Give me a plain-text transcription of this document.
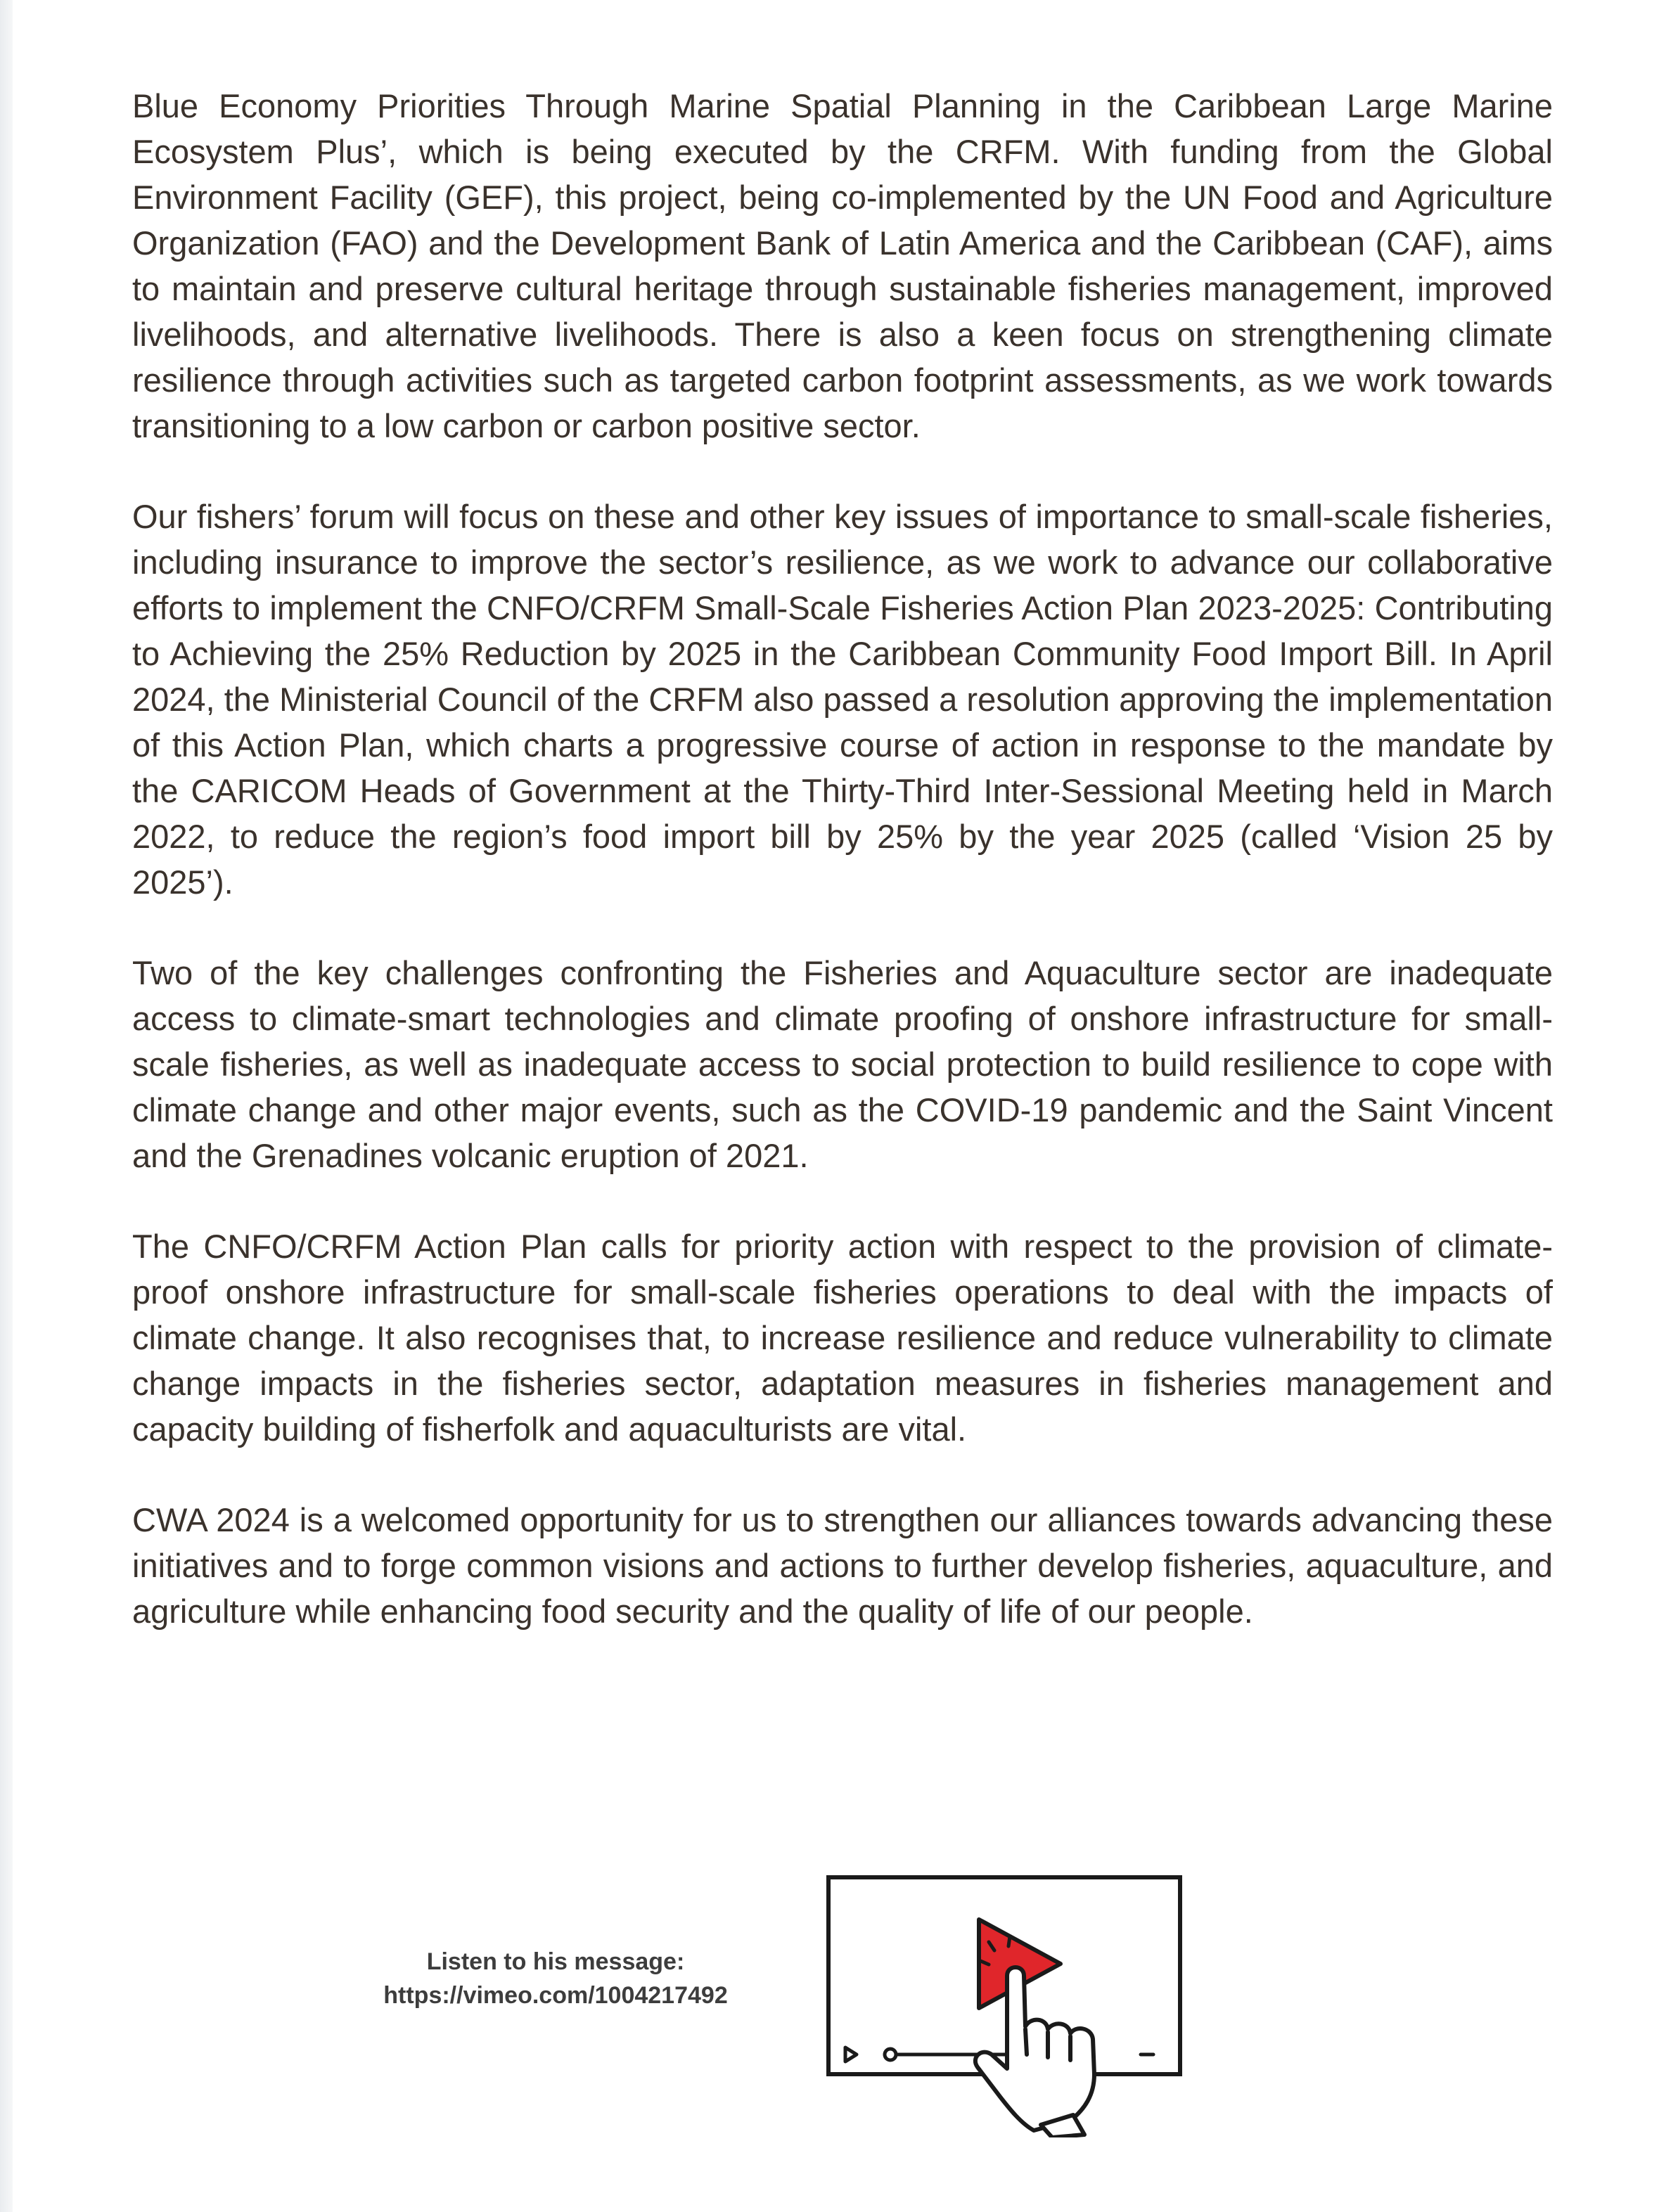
Blue Economy Priorities Through Marine Spatial Planning in the Caribbean Large Marine Ecosystem Plus’, which is being executed by the CRFM. With funding from the Global Environment Facility (GEF), this project, being co-implemented by the UN Food and Agriculture Organization (FAO) and the Development Bank of Latin America and the Caribbean (CAF), aims to maintain and preserve cultural heritage through sustainable fisheries management, improved livelihoods, and alternative livelihoods. There is also a keen focus on strengthening climate resilience through activities such as targeted carbon footprint assessments, as we work towards transitioning to a low carbon or carbon positive sector.

Our fishers’ forum will focus on these and other key issues of importance to small-scale fisheries, including insurance to improve the sector’s resilience, as we work to advance our collaborative efforts to implement the CNFO/CRFM Small-Scale Fisheries Action Plan 2023-2025: Contributing to Achieving the 25% Reduction by 2025 in the Caribbean Community Food Import Bill. In April 2024, the Ministerial Council of the CRFM also passed a resolution approving the implementation of this Action Plan, which charts a progressive course of action in response to the mandate by the CARICOM Heads of Government at the Thirty-Third Inter-Sessional Meeting held in March 2022, to reduce the region’s food import bill by 25% by the year 2025 (called ‘Vision 25 by 2025’).

Two of the key challenges confronting the Fisheries and Aquaculture sector are inadequate access to climate-smart technologies and climate proofing of onshore infrastructure for small-scale fisheries, as well as inadequate access to social protection to build resilience to cope with climate change and other major events, such as the COVID-19 pandemic and the Saint Vincent and the Grenadines volcanic eruption of 2021.

The CNFO/CRFM Action Plan calls for priority action with respect to the provision of climate-proof onshore infrastructure for small-scale fisheries operations to deal with the impacts of climate change. It also recognises that, to increase resilience and reduce vulnerability to climate change impacts in the fisheries sector, adaptation measures in fisheries management and capacity building of fisherfolk and aquaculturists are vital.

CWA 2024 is a welcomed opportunity for us to strengthen our alliances towards advancing these initiatives and to forge common visions and actions to further develop fisheries, aquaculture, and agriculture while enhancing food security and the quality of life of our people.

Listen to his message:
https://vimeo.com/1004217492
